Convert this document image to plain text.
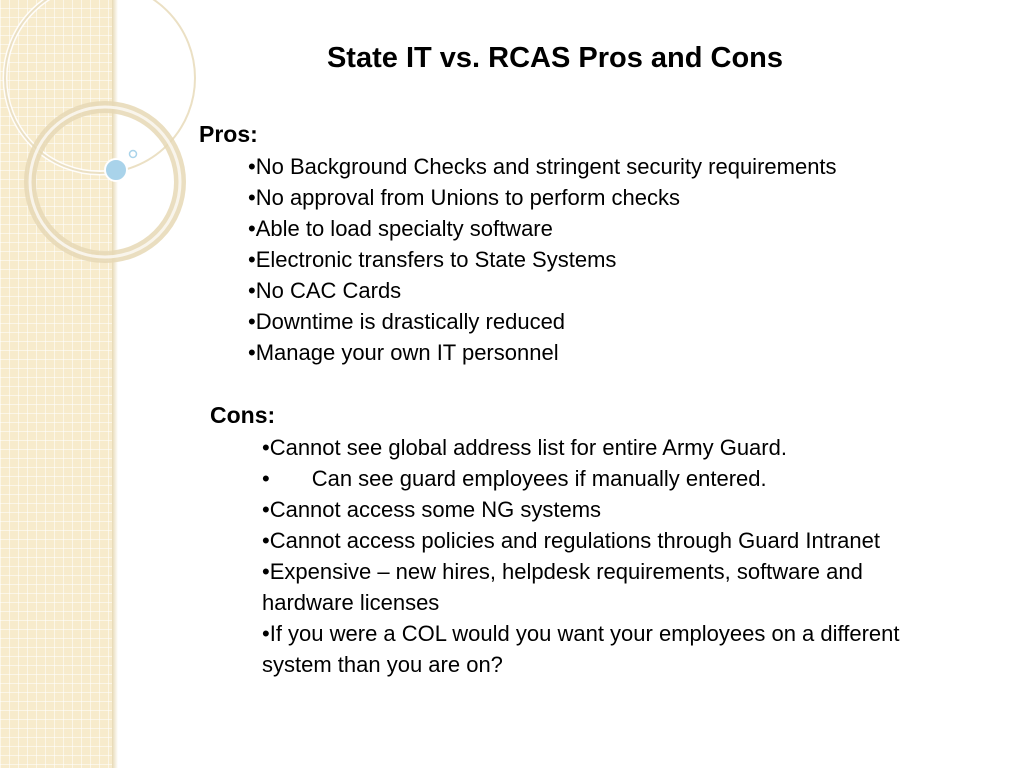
State IT vs. RCAS Pros and Cons
Pros:
•No Background Checks and stringent security requirements
•No approval from Unions to perform checks
•Able to load specialty software
•Electronic transfers to State Systems
•No CAC Cards
•Downtime is drastically reduced
•Manage your own IT personnel
Cons:
•Cannot see global address list for entire Army Guard.
• Can see guard employees if manually entered.
•Cannot access some NG systems
•Cannot access policies and regulations through Guard Intranet
•Expensive – new hires, helpdesk requirements, software and hardware licenses
•If you were a COL would you want your employees on a different system than you are on?
